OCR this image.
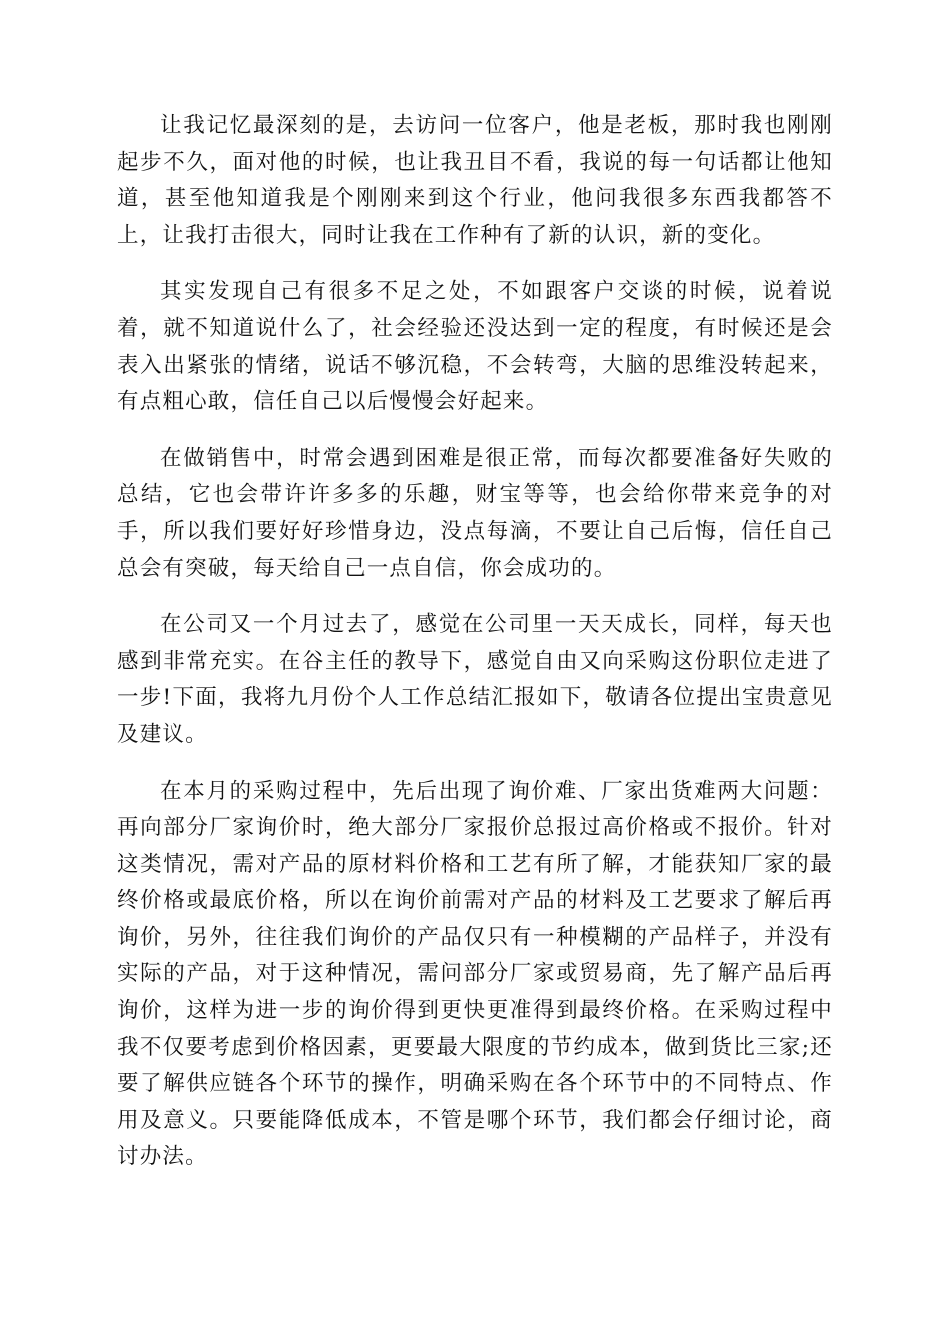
让我记忆最深刻的是，去访问一位客户，他是老板，那时我也刚刚起步不久，面对他的时候，也让我丑目不看，我说的每一句话都让他知道，甚至他知道我是个刚刚来到这个行业，他问我很多东西我都答不上，让我打击很大，同时让我在工作种有了新的认识，新的变化。

其实发现自己有很多不足之处，不如跟客户交谈的时候，说着说着，就不知道说什么了，社会经验还没达到一定的程度，有时候还是会表入出紧张的情绪，说话不够沉稳，不会转弯，大脑的思维没转起来，有点粗心敢，信任自己以后慢慢会好起来。

在做销售中，时常会遇到困难是很正常，而每次都要准备好失败的总结，它也会带许许多多的乐趣，财宝等等，也会给你带来竞争的对手，所以我们要好好珍惜身边，没点每滴，不要让自己后悔，信任自己总会有突破，每天给自己一点自信，你会成功的。

在公司又一个月过去了，感觉在公司里一天天成长，同样，每天也感到非常充实。在谷主任的教导下，感觉自由又向采购这份职位走进了一步!下面，我将九月份个人工作总结汇报如下，敬请各位提出宝贵意见及建议。

在本月的采购过程中，先后出现了询价难、厂家出货难两大问题：再向部分厂家询价时，绝大部分厂家报价总报过高价格或不报价。针对这类情况，需对产品的原材料价格和工艺有所了解，才能获知厂家的最终价格或最底价格，所以在询价前需对产品的材料及工艺要求了解后再询价，另外，往往我们询价的产品仅只有一种模糊的产品样子，并没有实际的产品，对于这种情况，需问部分厂家或贸易商，先了解产品后再询价，这样为进一步的询价得到更快更准得到最终价格。在采购过程中我不仅要考虑到价格因素，更要最大限度的节约成本，做到货比三家;还要了解供应链各个环节的操作，明确采购在各个环节中的不同特点、作用及意义。只要能降低成本，不管是哪个环节，我们都会仔细讨论，商讨办法。
